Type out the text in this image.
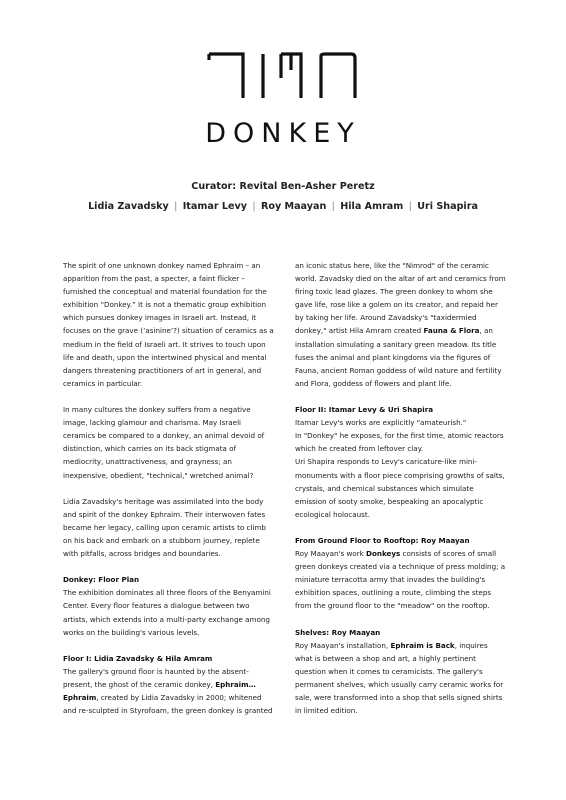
DONKEY
Curator: Revital Ben-Asher Peretz
Lidia Zavadsky | Itamar Levy | Roy Maayan | Hila Amram | Uri Shapira

The spirit of one unknown donkey named Ephraim – an apparition from the past, a specter, a faint flicker – furnished the conceptual and material foundation for the exhibition “Donkey.” It is not a thematic group exhibition which pursues donkey images in Israeli art. Instead, it focuses on the grave (‘asinine’?) situation of ceramics as a medium in the field of Israeli art. It strives to touch upon life and death, upon the intertwined physical and mental dangers threatening practitioners of art in general, and ceramics in particular.

In many cultures the donkey suffers from a negative image, lacking glamour and charisma. May Israeli ceramics be compared to a donkey, an animal devoid of distinction, which carries on its back stigmata of mediocrity, unattractiveness, and grayness; an inexpensive, obedient, "technical," wretched animal?

Lidia Zavadsky's heritage was assimilated into the body and spirit of the donkey Ephraim. Their interwoven fates became her legacy, calling upon ceramic artists to climb on his back and embark on a stubborn journey, replete with pitfalls, across bridges and boundaries.

Donkey: Floor Plan

The exhibition dominates all three floors of the Benyamini Center. Every floor features a dialogue between two artists, which extends into a multi-party exchange among works on the building's various levels.

Floor I: Lidia Zavadsky & Hila Amram

The gallery's ground floor is haunted by the absent-present, the ghost of the ceramic donkey, Ephraim… Ephraim, created by Lidia Zavadsky in 2000; whitened and re-sculpted in Styrofoam, the green donkey is granted

an iconic status here, like the "Nimrod" of the ceramic world. Zavadsky died on the altar of art and ceramics from firing toxic lead glazes. The green donkey to whom she gave life, rose like a golem on its creator, and repaid her by taking her life. Around Zavadsky's "taxidermied donkey," artist Hila Amram created Fauna & Flora, an installation simulating a sanitary green meadow. Its title fuses the animal and plant kingdoms via the figures of Fauna, ancient Roman goddess of wild nature and fertility and Flora, goddess of flowers and plant life.

Floor II: Itamar Levy & Uri Shapira

Itamar Levy's works are explicitly "amateurish."

In "Donkey" he exposes, for the first time, atomic reactors which he created from leftover clay.

Uri Shapira responds to Levy's caricature-like mini-monuments with a floor piece comprising growths of salts, crystals, and chemical substances which simulate emission of sooty smoke, bespeaking an apocalyptic ecological holocaust.

From Ground Floor to Rooftop: Roy Maayan

Roy Maayan's work Donkeys consists of scores of small green donkeys created via a technique of press molding; a miniature terracotta army that invades the building's exhibition spaces, outlining a route, climbing the steps from the ground floor to the "meadow" on the rooftop.

Shelves: Roy Maayan

Roy Maayan's installation, Ephraim is Back, inquires what is between a shop and art, a highly pertinent question when it comes to ceramicists. The gallery's permanent shelves, which usually carry ceramic works for sale, were transformed into a shop that sells signed shirts in limited edition.
